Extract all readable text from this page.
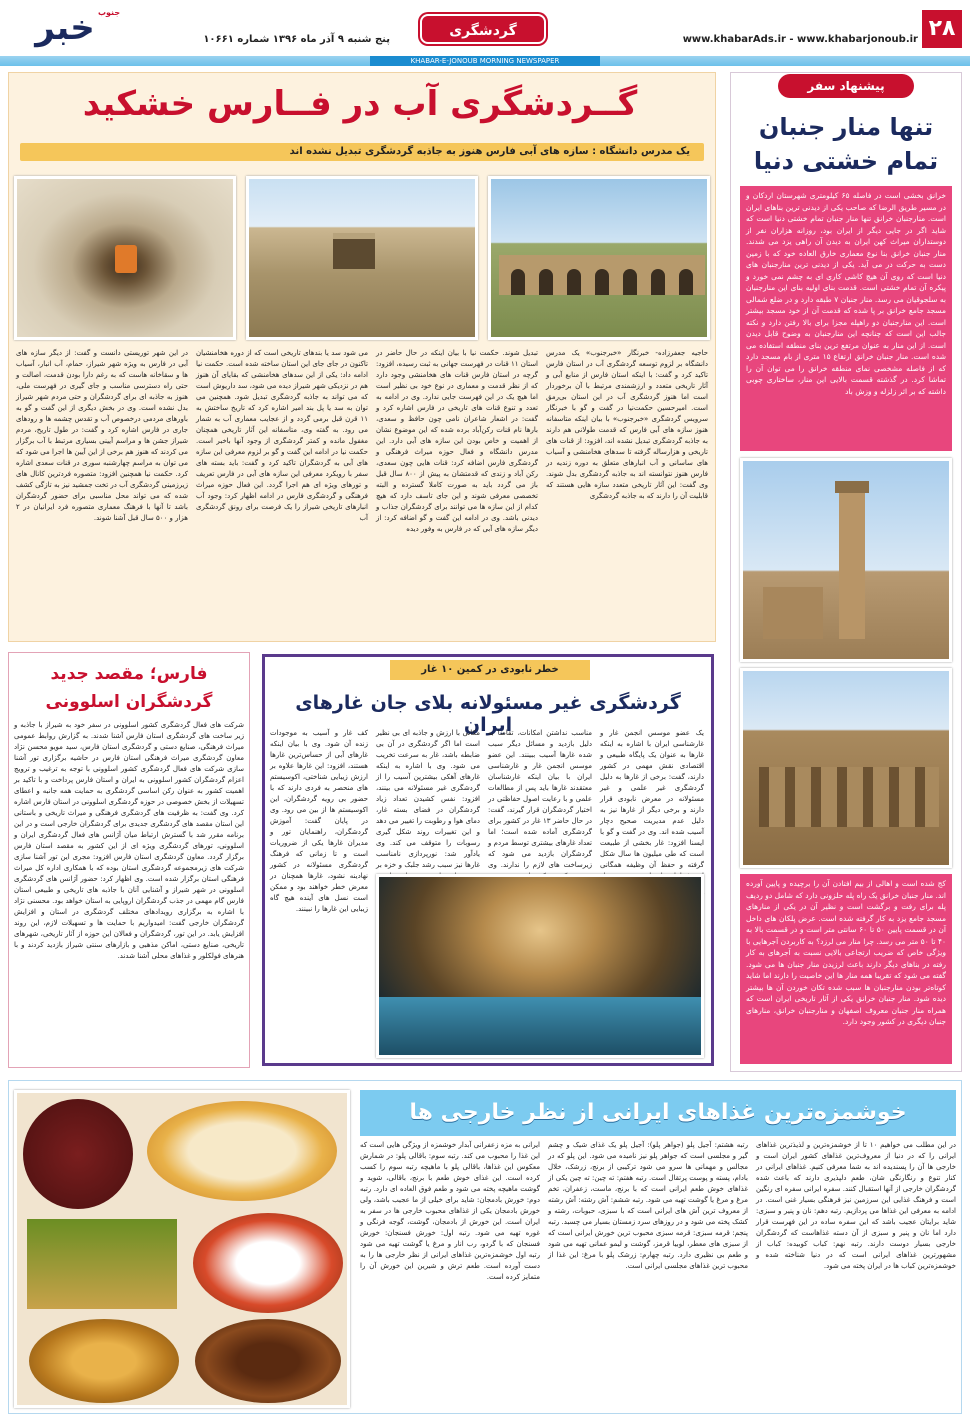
۲۸
www.khabarAds.ir - www.khabarjonoub.ir
گردشگری
خبر جنوب
پنج شنبه ۹ آذر ماه ۱۳۹۶ شماره ۱۰۶۶۱
KHABAR-E-JONOUB MORNING NEWSPAPER
گــردشگری آب در فــارس خشکید
یک مدرس دانشگاه : سازه های آبی فارس هنوز به جاذبه گردشگری تبدیل نشده اند
حاجیه جعفرزاده- خبرنگار «خبرجنوب» یک مدرس دانشگاه بر لزوم توسعه گردشگری آب در استان فارس تاکید کرد و گفت: با اینکه استان فارس از منابع آبی و آثار تاریخی متعدد و ارزشمندی مرتبط با آن برخوردار است اما هنوز گردشگری آب در این استان بی‌رمق است. امیرحسین حکمت‌نیا در گفت و گو با خبرنگار سرویس گردشگری «خبرجنوب» با بیان اینکه متاسفانه هنوز سازه های آبی فارس که قدمت طولانی هم دارند به جاذبه گردشگری تبدیل نشده اند، افزود: از قنات های تاریخی و هزارساله گرفته تا سدهای هخامنشی و آسیاب های ساسانی و آب انبارهای متعلق به دوره زندیه در فارس هنوز نتوانسته اند به جاذبه گردشگری بدل شوند. وی گفت: این آثار تاریخی متعدد سازه هایی هستند که قابلیت آن را دارند که به جاذبه گردشگری
تبدیل شوند. حکمت نیا با بیان اینکه در حال حاضر در استان ۱۱ قنات در فهرست جهانی به ثبت رسیده، افزود: گرچه در استان فارس قنات های هخامنشی وجود دارد که از نظر قدمت و معماری در نوع خود بی نظیر است اما هیچ یک در این فهرست جایی ندارد. وی در ادامه به تعدد و تنوع قنات های تاریخی در فارس اشاره کرد و گفت: در اشعار شاعران نامی چون حافظ و سعدی، بارها نام قنات رکن‌آباد برده شده که این موضوع نشان از اهمیت و خاص بودن این سازه های آبی دارد. این مدرس دانشگاه و فعال حوزه میراث فرهنگی و گردشگری فارس اضافه کرد: قنات هایی چون سعدی، رکن آباد و زندی که قدمتشان به پیش از ۸۰۰ سال قبل باز می گردد باید به صورت کاملا گسترده و البته تخصصی معرفی شوند و این جای تاسف دارد که هیچ کدام از این سازه ها می توانند برای گردشگران جذاب و دیدنی باشد. وی در ادامه این گفت و گو اضافه کرد: از دیگر سازه های آبی که در فارس به وفور دیده
می شود سد یا بندهای تاریخی است که از دوره هخامنشیان تاکنون در جای جای این استان ساخته شده است. حکمت نیا ادامه داد: یکی از این سدهای هخامنشی که بقایای آن هنوز هم در نزدیکی شهر شیراز دیده می شود، سد داریوش است که می تواند به جاذبه گردشگری تبدیل شود. همچنین می توان به سد یا پل بند امیر اشاره کرد که تاریخ ساختش به ۱۱ قرن قبل برمی گردد و از عجایب معماری آب به شمار می رود. به گفته وی، متاسفانه این آثار تاریخی همچنان مغفول مانده و کمتر گردشگری از وجود آنها باخبر است. حکمت نیا در ادامه این گفت و گو بر لزوم معرفی این سازه های آبی به گردشگران تاکید کرد و گفت: باید بسته های سفر با رویکرد معرفی این سازه های آبی در فارس تعریف و تورهای ویژه ای هم اجرا گردد. این فعال حوزه میراث فرهنگی و گردشگری فارس در ادامه اظهار کرد: وجود آب انبارهای تاریخی شیراز را یک فرصت برای رونق گردشگری آب
در این شهر توریستی دانست و گفت: از دیگر سازه های آبی در فارس به ویژه شهر شیراز، حمام، آب انبار، آسیاب ها و سقاخانه هاست که به رغم دارا بودن قدمت، اصالت و حتی راه دسترسی مناسب و جای گیری در فهرست ملی، هنوز به جاذبه ای برای گردشگران و حتی مردم شهر شیراز بدل نشده است. وی در بخش دیگری از این گفت و گو به باورهای مردمی درخصوص آب و تقدس چشمه ها و رودهای جاری در فارس اشاره کرد و گفت: در طول تاریخ، مردم شیراز جشن ها و مراسم آیینی بسیاری مرتبط با آب برگزار می کردند که هنوز هم برخی از این آیین ها اجرا می شود که می توان به مراسم چهارشنبه سوری در قنات سعدی اشاره کرد. حکمت نیا همچنین افزود: متصوره فردترین کانال های زیرزمینی گردشگری آب در تخت جمشید نیز به تازگی کشف شده که می تواند محل مناسبی برای حضور گردشگران باشد تا آنها با فرهنگ معماری متصوره فرد ایرانیان در ۲ هزار و ۵۰۰ سال قبل آشنا شوند.
پیشنهاد سفر
تنها منار جنبان تمام خشتی دنیا
خرانق بخشی است در فاصله ۶۵ کیلومتری شهرستان اردکان و در مسیر طریق الرضا که صاحب یکی از دیدنی ترین بناهای ایران است. منارجنبان خرانق تنها منار جنبان تمام خشتی دنیا است که شاید اگر در جایی دیگر از ایران بود، روزانه هزاران نفر از دوستداران میراث کهن ایران به دیدن آن راهی یزد می شدند. منار جنبان خرانق بنا نوع معماری خارق العاده خود که با زمین دست به حرکت در می آید. یکی از دیدنی ترین منارجنبان های دنیا است که روی آن هیچ کاشی کاری ای به چشم نمی خورد و پیکره آن تمام خشتی است. قدمت بنای اولیه بنای این منارجنبان به سلجوقیان می رسد. منار جنبان ۷ طبقه دارد و در ضلع شمالی مسجد جامع خرانق بر پا شده که قدمت آن از خود مسجد بیشتر است. این منارجنبان دو راهپله مجزا برای بالا رفتن دارد و نکته جالب این است که چنانچه این منارجنبان به وضوح قابل دیدن است. از این منار به عنوان مرتفع ترین بنای منطقه استفاده می شده است. منار جنبان خرانق ارتفاع ۱۵ متری از بام مسجد دارد که از فاصله مشخصی نمای منطقه خرانق را می توان آن را تماشا کرد. در گذشته قسمت بالایی این منار، ساختاری چوبی داشته که بر اثر زلزله و وزش باد
کج شده است و اهالی از بیم افتادن آن را برچیده و پایین آورده اند. منار جنبان خرانق یک راه پله حلزونی دارد که شامل دو ردیف پله برای رفت و برگشت است و نظیر آن در یکی از منارهای مسجد جامع یزد به کار گرفته شده است. عرض پلکان های داخل آن در قسمت پایین ۵۰ تا ۶۰ سانتی متر است و در قسمت بالا به ۴۰ تا ۵۰ متر می رسد. چرا منار می لرزد؟ به کاربردن آجرهایی با ویژگی خاص که ضریب ارتجاعی بالایی نسبت به آجرهای به کار رفته در بناهای دیگر دارند باعث لرزیدن منار جنبان ها می شود. گفته می شود که تقریبا همه منار ها این خاصیت را دارند اما شاید کوتاه‌تر بودن منارجنبان ها سبب شده تکان خوردن آن ها بیشتر دیده شود. منار جنبان خرانق یکی از آثار تاریخی ایران است که همراه منار جنبان معروف اصفهان و منارجنبان خرانق، منارهای جنبان دیگری در کشور وجود دارد.
فارس؛ مقصد جدید گردشگران اسلوونی
شرکت های فعال گردشگری کشور اسلوونی در سفر خود به شیراز با جاذبه و زیر ساخت های گردشگری استان فارس آشنا شدند. به گزارش روابط عمومی میراث فرهنگی، صنایع دستی و گردشگری استان فارس، سید مویو محسن نژاد معاون گردشگری میراث فرهنگی استان فارس در حاشیه برگزاری تور آشنا سازی شرکت های فعال گردشگری کشور اسلوونی با توجه به ترغیب و ترویج اعزام گردشگران کشور اسلوونی به ایران و استان فارس پرداخت و با تاکید بر اهمیت کشور به عنوان رکن اساسی گردشگری به حمایت همه جانبه و اعطای تسهیلات از بخش خصوصی در حوزه گردشگری اسلوونی در استان فارس اشاره کرد. وی گفت: به ظرفیت های گردشگری فرهنگی و میراث تاریخی و باستانی این استان مقصد های گردشگری جدیدی برای گردشگران خارجی است و در این برنامه مقرر شد با گسترش ارتباط میان آژانس های فعال گردشگری ایران و اسلوونی، تورهای گردشگری ویژه ای از این کشور به مقصد استان فارس برگزار گردد. معاون گردشگری استان فارس افزود: مجری این تور آشنا سازی شرکت های زیرمجموعه گردشگری استان بوده که با همکاری اداره کل میراث فرهنگی استان برگزار شده است. وی اظهار کرد: حضور آژانس های گردشگری اسلوونی در شهر شیراز و آشنایی آنان با جاذبه های تاریخی و طبیعی استان فارس گام مهمی در جذب گردشگران اروپایی به استان خواهد بود. محسنی نژاد با اشاره به برگزاری رویدادهای مختلف گردشگری در استان و افزایش گردشگران خارجی گفت: امیدواریم با حمایت ها و تسهیلات لازم، این روند افزایش یابد. در این تور، گردشگران و فعالان این حوزه از آثار تاریخی، شهرهای تاریخی، صنایع دستی، اماکن مذهبی و بازارهای سنتی شیراز بازدید کردند و با هنرهای فولکلور و غذاهای محلی آشنا شدند.
خطر نابودی در کمین ۱۰ غار
گردشگری غیر مسئولانه بلای جان غارهای ایران	یک عضو موسس انجمن غار و غارشناسی ایران با اشاره به اینکه غارها به عنوان یک پایگاه طبیعی و اقتصادی نقش مهمی در کشور دارند، گفت: برخی از غارها به دلیل گردشگری غیر علمی و غیر مسئولانه در معرض نابودی قرار دارند و برخی دیگر از غارها نیز به دلیل عدم مدیریت صحیح دچار آسیب شده اند. وی در گفت و گو با ایسنا افزود: غار بخشی از طبیعت است که طی میلیون ها سال شکل گرفته و حفظ آن وظیفه همگانی
مناسب نداشتن امکانات، تقاضا به دلیل بازدید و مسائل دیگر سبب شده غارها آسیب ببینند. این عضو موسس انجمن غار و غارشناسی ایران با بیان اینکه غارشناسان معتقدند غارها باید پس از مطالعات علمی و با رعایت اصول حفاظتی در اختیار گردشگران قرار گیرند، گفت: در حال حاضر ۱۳ غار در کشور برای گردشگری آماده شده است؛ اما تعداد غارهای بیشتری توسط مردم و گردشگران بازدید می شود که زیرساخت های لازم را ندارند. وی
مکانی با ارزش و جاذبه ای بی نظیر است اما اگر گردشگری در آن بی ضابطه باشد، غار به سرعت تخریب می شود. وی با اشاره به اینکه غارهای آهکی بیشترین آسیب را از گردشگری غیر مسئولانه می بینند، افزود: نفس کشیدن تعداد زیاد گردشگران در فضای بسته غار، دمای هوا و رطوبت را تغییر می دهد و این تغییرات روند شکل گیری رسوبات را متوقف می کند. وی یادآور شد: نورپردازی نامناسب غارها نیز سبب رشد جلبک و خزه بر
کف غار و آسیب به موجودات زنده آن شود. وی با بیان اینکه غارهای آبی از حساس‌ترین غارها هستند، افزود: این غارها علاوه بر ارزش زیبایی شناختی، اکوسیستم های منحصر به فردی دارند که با حضور بی رویه گردشگران، این اکوسیستم ها از بین می رود. وی در پایان گفت: آموزش گردشگران، راهنمایان تور و مدیران غارها یکی از ضروریات است و تا زمانی که فرهنگ گردشگری مسئولانه در کشور نهادینه نشود، غارها همچنان در معرض خطر خواهند بود و ممکن است نسل های آینده هیچ گاه زیبایی این غارها را نبینند.
خوشمزه‌ترین غذاهای ایرانی از نظر خارجی ها
در این مطلب می خواهیم ۱۰ تا از خوشمزه‌ترین و لذیذترین غذاهای ایرانی را که در دنیا از معروف‌ترین غذاهای کشور ایران است و خارجی ها آن را پسندیده اند به شما معرفی کنیم. غذاهای ایرانی در کنار تنوع و رنگارنگی شان، طعم دلپذیری دارند که باعث شده گردشگران خارجی از آنها استقبال کنند. سفره ایرانی سفره ای رنگین است و فرهنگ غذایی این سرزمین نیز فرهنگی بسیار غنی است. در ادامه به معرفی این غذاها می پردازیم. رتبه دهم: نان و پنیر و سبزی: شاید برایتان عجیب باشد که این سفره ساده در این فهرست قرار دارد اما نان و پنیر و سبزی از آن دسته غذاهاست که گردشگران خارجی بسیار دوست دارند. رتبه نهم: کباب کوبیده: کباب از مشهورترین غذاهای ایرانی است که در دنیا شناخته شده و خوشمزه‌ترین کباب ها در ایران پخته می شود.
رتبه هشتم: آجیل پلو (جواهر پلو): آجیل پلو یک غذای شیک و چشم گیر و مجلسی است که جواهر پلو نیز نامیده می شود. این پلو که در مجالس و مهمانی ها سرو می شود ترکیبی از برنج، زرشک، خلال بادام، پسته و پوست پرتقال است. رتبه هفتم: ته چین: ته چین یکی از غذاهای خوش طعم ایرانی است که با برنج، ماست، زعفران، تخم مرغ و مرغ یا گوشت تهیه می شود. رتبه ششم: آش رشته: آش رشته از معروف ترین آش های ایرانی است که با سبزی، حبوبات، رشته و کشک پخته می شود و در روزهای سرد زمستان بسیار می چسبد. رتبه پنجم: قرمه سبزی: قرمه سبزی محبوب ترین خورش ایرانی است که از سبزی های معطر، لوبیا قرمز، گوشت و لیمو عمانی تهیه می شود و طعم بی نظیری دارد. رتبه چهارم: زرشک پلو با مرغ: این غذا از محبوب ترین غذاهای مجلسی ایرانی است.
ایرانی به مزه زعفرانی آبدار خوشمزه از ویژگی هایی است که این غذا را محبوب می کند. رتبه سوم: باقالی پلو: در شمارش معکوس این غذاها، باقالی پلو با ماهیچه رتبه سوم را کسب کرده است. این غذای خوش طعم با برنج، باقالی، شوید و گوشت ماهیچه پخته می شود و طعم فوق العاده ای دارد. رتبه دوم: خورش بادمجان: شاید برای خیلی از ما عجیب باشد، ولی خورش بادمجان یکی از غذاهای محبوب خارجی ها در سفر به ایران است. این خورش از بادمجان، گوشت، گوجه فرنگی و غوره تهیه می شود. رتبه اول: خورش فسنجان: خورش فسنجان که با گردو، رب انار و مرغ یا گوشت تهیه می شود رتبه اول خوشمزه‌ترین غذاهای ایرانی از نظر خارجی ها را به دست آورده است. طعم ترش و شیرین این خورش آن را متمایز کرده است.
